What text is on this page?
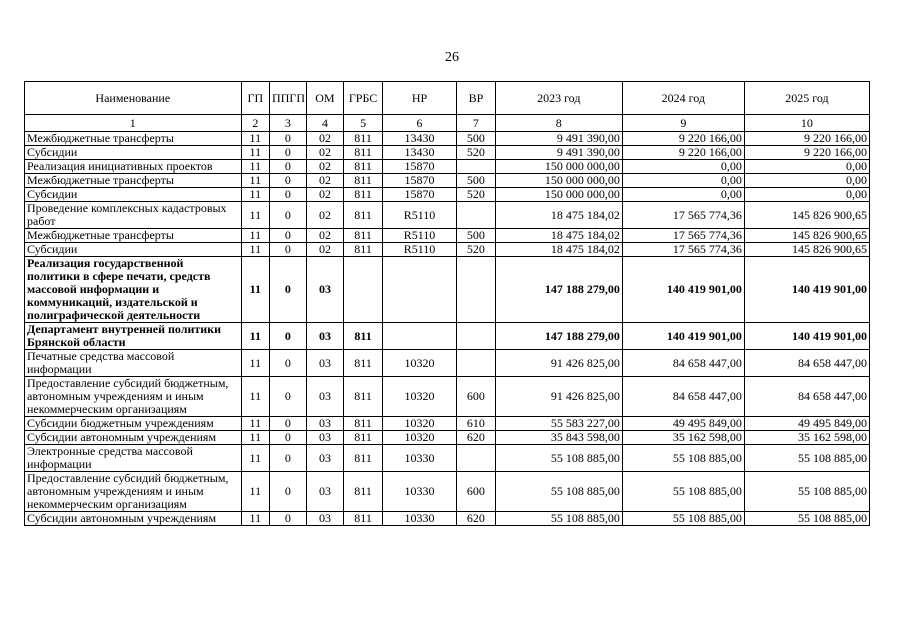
26
Наименование	ГП	ППГП	ОМ	ГРБС	НР	ВР	2023 год	2024 год	2025 год
1	2	3	4	5	6	7	8	9	10
Межбюджетные трансферты	11	0	02	811	13430	500	9 491 390,00	9 220 166,00	9 220 166,00
Субсидии	11	0	02	811	13430	520	9 491 390,00	9 220 166,00	9 220 166,00
Реализация инициативных проектов	11	0	02	811	15870		150 000 000,00	0,00	0,00
Межбюджетные трансферты	11	0	02	811	15870	500	150 000 000,00	0,00	0,00
Субсидии	11	0	02	811	15870	520	150 000 000,00	0,00	0,00
Проведение комплексных кадастровых работ	11	0	02	811	R5110		18 475 184,02	17 565 774,36	145 826 900,65
Межбюджетные трансферты	11	0	02	811	R5110	500	18 475 184,02	17 565 774,36	145 826 900,65
Субсидии	11	0	02	811	R5110	520	18 475 184,02	17 565 774,36	145 826 900,65
Реализация государственной политики в сфере печати, средств массовой информации и коммуникаций, издательской и полиграфической деятельности	11	0	03				147 188 279,00	140 419 901,00	140 419 901,00
Департамент внутренней политики Брянской области	11	0	03	811			147 188 279,00	140 419 901,00	140 419 901,00
Печатные средства массовой информации	11	0	03	811	10320		91 426 825,00	84 658 447,00	84 658 447,00
Предоставление субсидий бюджетным, автономным учреждениям и иным некоммерческим организациям	11	0	03	811	10320	600	91 426 825,00	84 658 447,00	84 658 447,00
Субсидии бюджетным учреждениям	11	0	03	811	10320	610	55 583 227,00	49 495 849,00	49 495 849,00
Субсидии автономным учреждениям	11	0	03	811	10320	620	35 843 598,00	35 162 598,00	35 162 598,00
Электронные средства массовой информации	11	0	03	811	10330		55 108 885,00	55 108 885,00	55 108 885,00
Предоставление субсидий бюджетным, автономным учреждениям и иным некоммерческим организациям	11	0	03	811	10330	600	55 108 885,00	55 108 885,00	55 108 885,00
Субсидии автономным учреждениям	11	0	03	811	10330	620	55 108 885,00	55 108 885,00	55 108 885,00
